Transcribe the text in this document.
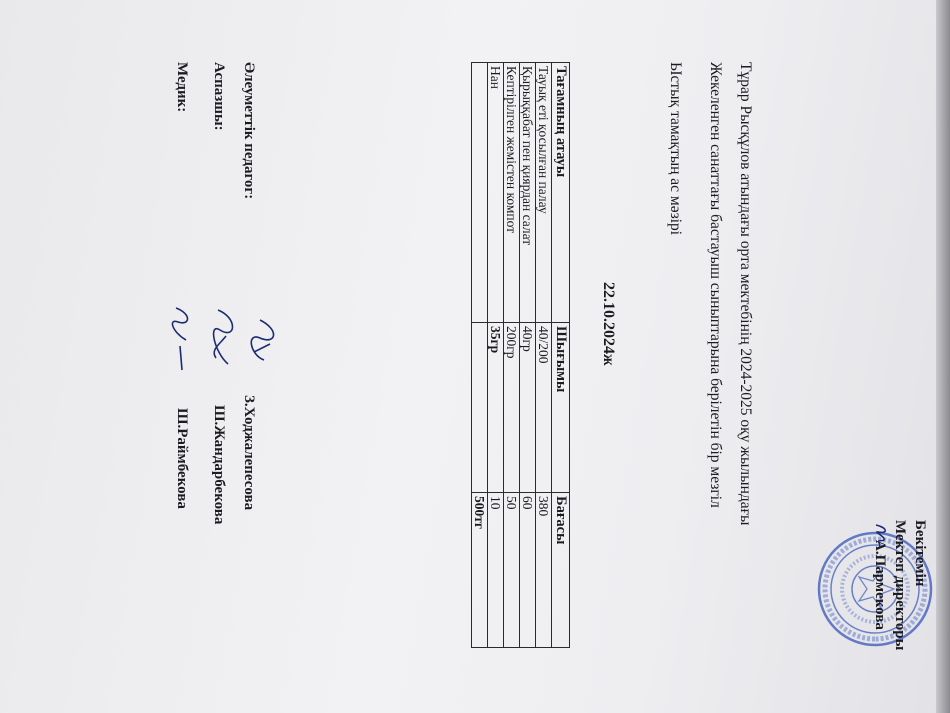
Бекітемін
Мектеп директоры
А.Пармекова
Тұрар Рысқұлов атындағы орта мектебінің 2024-2025 оқу жылындағы
Жекеленген санаттағы бастауыш сыныптарына берілетін бір мезгіл
Ыстық тамақтың ас мәзірі
22.10.2024ж
Тағамның атауы	Шығымы	Бағасы
Тауық еті қосылған палау	40/200	380
Қырыққабат пен қиярдан салат	40гр	60
Кептірілген жемістен компот	200гр	50
Нан	35гр	10
		500тг
Әлеуметтік педагог:
З.Ходжалепесова
Аспазшы:
Ш.Жандарбекова
Медик:
Ш.Раймбекова
